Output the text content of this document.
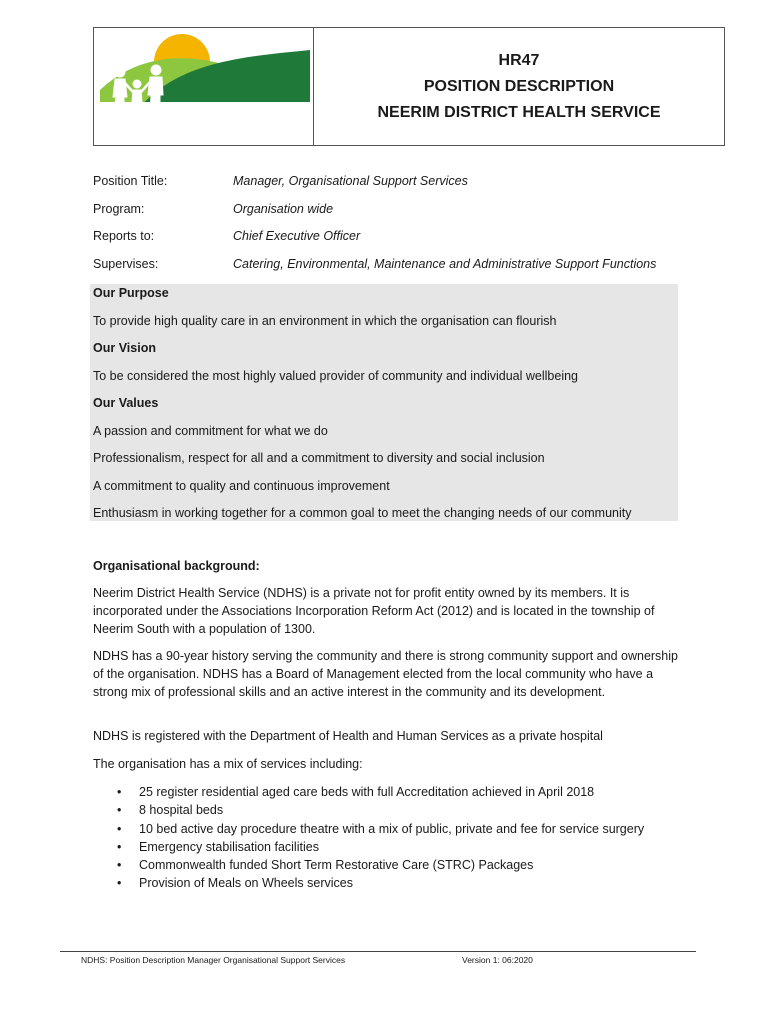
HR47
POSITION DESCRIPTION
NEERIM DISTRICT HEALTH SERVICE
Position Title:	Manager, Organisational Support Services
Program:	Organisation wide
Reports to:	Chief Executive Officer
Supervises:	Catering, Environmental, Maintenance and Administrative Support Functions
Our Purpose
To provide high quality care in an environment in which the organisation can flourish
Our Vision
To be considered the most highly valued provider of community and individual wellbeing
Our Values
A passion and commitment for what we do
Professionalism, respect for all and a commitment to diversity and social inclusion
A commitment to quality and continuous improvement
Enthusiasm in working together for a common goal to meet the changing needs of our community
Organisational background:
Neerim District Health Service (NDHS) is a private not for profit entity owned by its members. It is incorporated under the Associations Incorporation Reform Act (2012) and is located in the township of Neerim South with a population of 1300.
NDHS has a 90-year history serving the community and there is strong community support and ownership of the organisation. NDHS has a Board of Management elected from the local community who have a strong mix of professional skills and an active interest in the community and its development.
NDHS is registered with the Department of Health and Human Services as a private hospital
The organisation has a mix of services including:
• 25 register residential aged care beds with full Accreditation achieved in April 2018
• 8 hospital beds
• 10 bed active day procedure theatre with a mix of public, private and fee for service surgery
• Emergency stabilisation facilities
• Commonwealth funded Short Term Restorative Care (STRC) Packages
• Provision of Meals on Wheels services
NDHS: Position Description Manager Organisational Support Services	Version 1: 06:2020
